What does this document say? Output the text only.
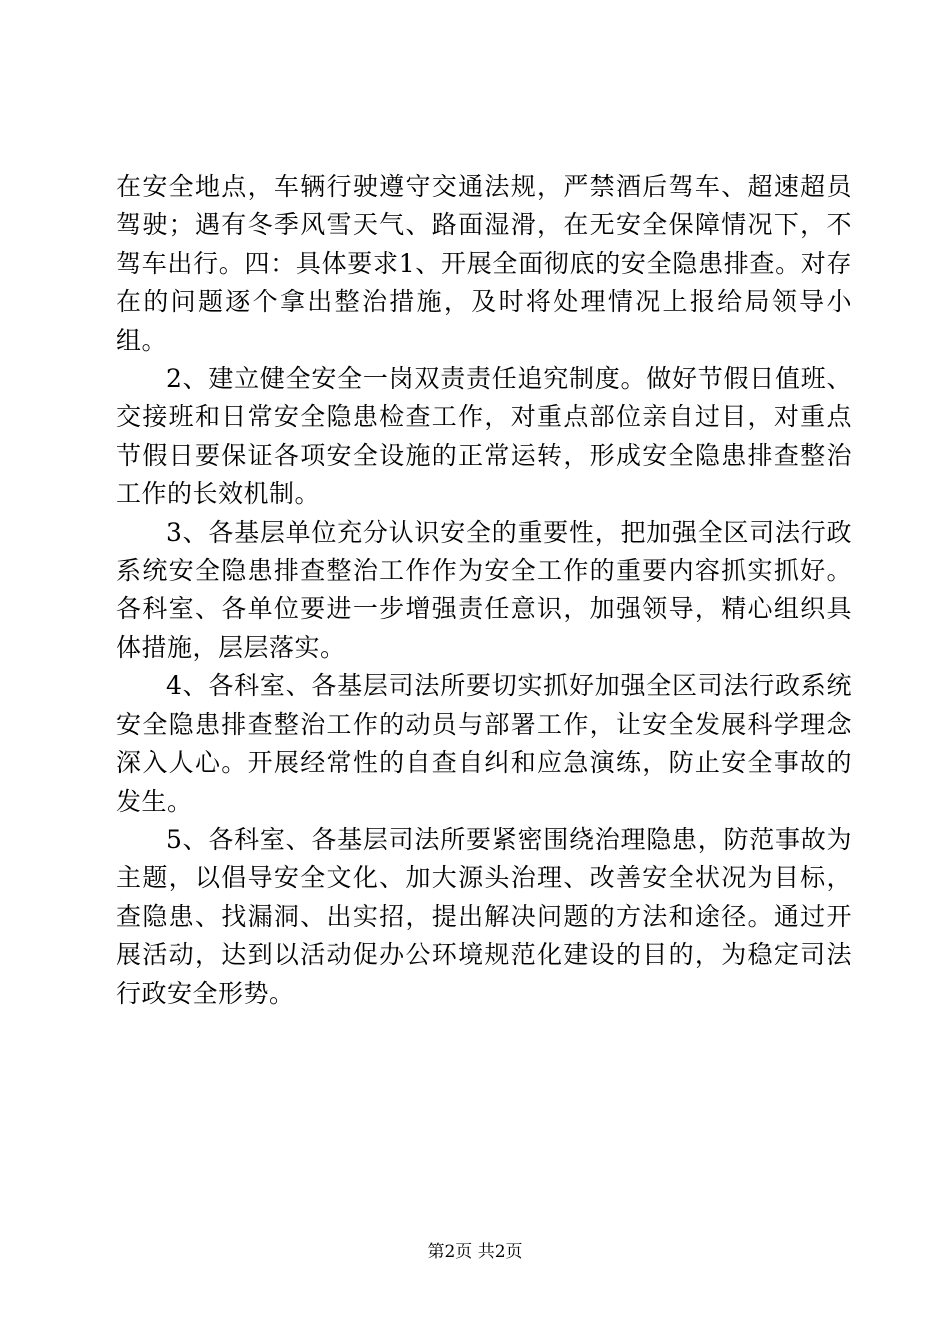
在安全地点，车辆行驶遵守交通法规，严禁酒后驾车、超速超员驾驶；遇有冬季风雪天气、路面湿滑，在无安全保障情况下，不驾车出行。四：具体要求1、开展全面彻底的安全隐患排查。对存在的问题逐个拿出整治措施，及时将处理情况上报给局领导小组。

2、建立健全安全一岗双责责任追究制度。做好节假日值班、交接班和日常安全隐患检查工作，对重点部位亲自过目，对重点节假日要保证各项安全设施的正常运转，形成安全隐患排查整治工作的长效机制。

3、各基层单位充分认识安全的重要性，把加强全区司法行政系统安全隐患排查整治工作作为安全工作的重要内容抓实抓好。各科室、各单位要进一步增强责任意识，加强领导，精心组织具体措施，层层落实。

4、各科室、各基层司法所要切实抓好加强全区司法行政系统安全隐患排查整治工作的动员与部署工作，让安全发展科学理念深入人心。开展经常性的自查自纠和应急演练，防止安全事故的发生。

5、各科室、各基层司法所要紧密围绕治理隐患，防范事故为主题，以倡导安全文化、加大源头治理、改善安全状况为目标，查隐患、找漏洞、出实招，提出解决问题的方法和途径。通过开展活动，达到以活动促办公环境规范化建设的目的，为稳定司法行政安全形势。

第2页 共2页
